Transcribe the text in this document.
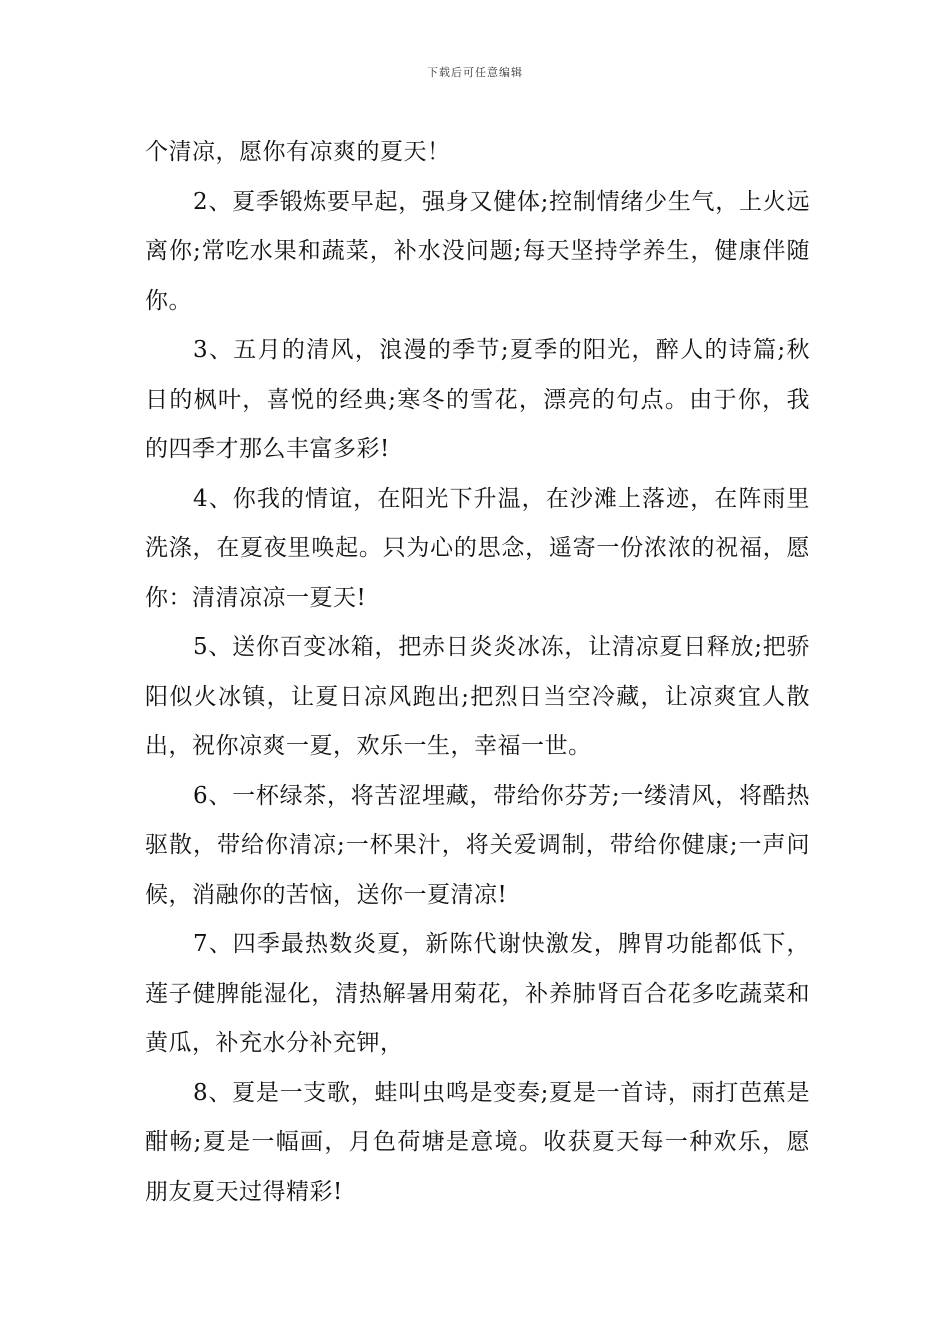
下载后可任意编辑

个清凉，愿你有凉爽的夏天！

2、夏季锻炼要早起，强身又健体;控制情绪少生气，上火远离你;常吃水果和蔬菜，补水没问题;每天坚持学养生，健康伴随你。

3、五月的清风，浪漫的季节;夏季的阳光，醉人的诗篇;秋日的枫叶，喜悦的经典;寒冬的雪花，漂亮的句点。由于你，我的四季才那么丰富多彩!

4、你我的情谊，在阳光下升温，在沙滩上落迹，在阵雨里洗涤，在夏夜里唤起。只为心的思念，遥寄一份浓浓的祝福，愿你：清清凉凉一夏天!

5、送你百变冰箱，把赤日炎炎冰冻，让清凉夏日释放;把骄阳似火冰镇，让夏日凉风跑出;把烈日当空冷藏，让凉爽宜人散出，祝你凉爽一夏，欢乐一生，幸福一世。

6、一杯绿茶，将苦涩埋藏，带给你芬芳;一缕清风，将酷热驱散，带给你清凉;一杯果汁，将关爱调制，带给你健康;一声问候，消融你的苦恼，送你一夏清凉!

7、四季最热数炎夏，新陈代谢快激发，脾胃功能都低下，莲子健脾能湿化，清热解暑用菊花，补养肺肾百合花多吃蔬菜和黄瓜，补充水分补充钾，

8、夏是一支歌，蛙叫虫鸣是变奏;夏是一首诗，雨打芭蕉是酣畅;夏是一幅画，月色荷塘是意境。收获夏天每一种欢乐，愿朋友夏天过得精彩!
